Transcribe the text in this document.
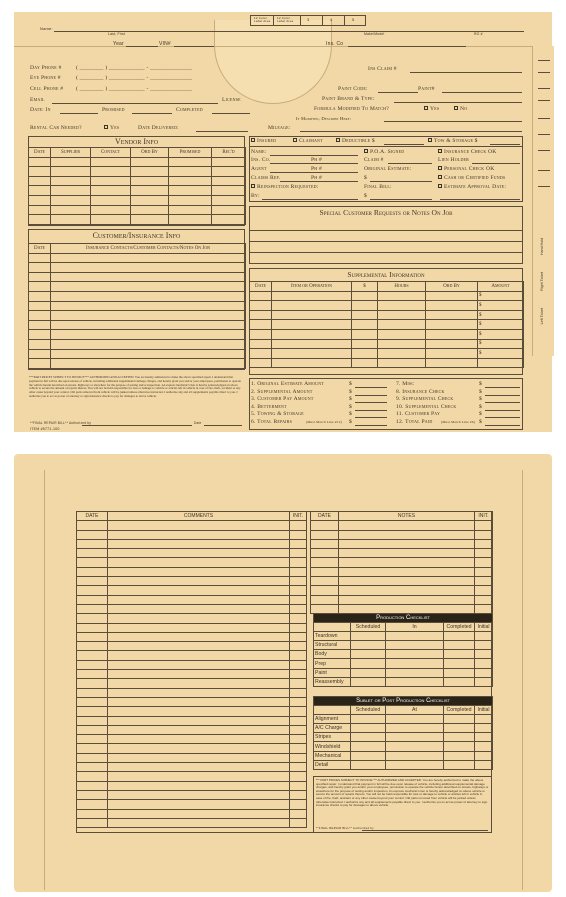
12 Color Label Area
12 Color Label Area	3	4	5
Name:
Last, First	Make/Model	RO #
Year	VIN#	Ins. Co
Day Phone #	( ________ ) ____________ - ______________
Eve Phone #	( ________ ) ____________ - ______________
Cell Phone # ( ________ ) ____________ - ______________
Email	License
Date: In	Promised	Completed
Ins Claim #
Paint Code:	Paint#
Paint Brand & Type:
Formula Modified To Match?	Yes	No
If Modified, Describe Here:
Rental Car Needed?	Yes	Date Delivered:	Mileage:
Vendor Info
Date	Supplier	Contact	Ord By	Promised	Rec'd

Customer/Insurance Info
Date	Insurance Contacts/Customer Contacts/Notes On Job

***PART PRICES SUBJECT TO INVOICE*** AUTHORIZED AND ACCEPTED: You are hereby authorized to make the above specified repair. I understand that payment in full will be due upon release of vehicle, including additional supplemental damage charges, and hereby grant you and/or your employees, permission to operate the vehicle herein described on streets, highways or elsewhere for the purpose of testing and/or inspection. An express mechanic's lien is hereby acknowledged on above vehicle to secure the amount of repairs thereto. You will not be held responsible for loss or damage to vehicle or articles left in vehicle in case of fire, theft, accident or any other cause beyond your control. Old parts removed from vehicle will be junked unless otherwise instructed. I authorize any and all supplements payable direct to you. I authorize you to act as power of attorney to sign insurance checks to pay for damages to above vehicle.
**FINAL REPAIR BILL** Authorized by	Date
ITEM #5771-100
Insured	Claimant	Deductible $	Tow & Storage $
Name:
Ins. Co.	Ph #
Agent	Ph #
Claims Rep.	Ph #
Reinspection Requested:
By:
P.O.A. Signed
Claim #
Original Estimate:
$
Final Bill:
$
Insurance Check OK
Lien Holder
Personal Check OK
Cash or Certified Funds
Estimate Approval Date:
Special Customer Requests or Notes On Job
Supplemental Information
Date	Item or Operation	$	Hours	Ord By	Amount
					$
					$
					$
					$
					$
					$
					$

1. Original Estimate Amount	$
2. Supplemental Amount	$
3. Customer Pay Amount	$
4. Betterment	$
5. Towing & Storage	$
6. Total Repairs	$
(Must Match Line #12)
7. Misc	$
8. Insurance Check	$
9. Supplemental Check	$
10. Supplemental Check	$
11. Customer Pay	$
12. Total Paid	$
(Must Match Line #6)
Hand Hold
Right Ticket
Left Ticket
DATE	COMMENTS	INIT.

			DATE	NOTES	INIT.

Production Checklist				
	Scheduled	In	Completed	Initial
Teardown				
Structural				
Body				
Prep				
Paint				
Reassembly				
Sublet or Post Production Checklist				
	Scheduled	At	Completed	Initial
Alignment				
A/C Charge				
Stripes				
Windshield				
Mechanical				
Detail				
*** PART PRICES SUBJECT TO INVOICE *** AUTHORIZED AND ACCEPTED: You are hereby authorized to make the above specified repair. I understand that payment in full will be due upon release of vehicle, including additional supplemental damage charges, and hereby grant you and/or your employees, permission to operate the vehicle herein described on streets, highways or elsewhere for the purpose of testing and/or inspection. An express mechanic's lien is hereby acknowledged on above vehicle to secure the amount of repairs thereto. You will not be held responsible for loss or damage to vehicle or articles left in vehicle in case of fire, theft, accident or any other cause beyond your control. Old parts removed from vehicle will be junked unless otherwise instructed. I authorize any and all supplements payable direct to you. I authorize you to act as power of attorney to sign insurance checks to pay for damages to above vehicle.
**FINAL REPAIR BILL** Authorized by
